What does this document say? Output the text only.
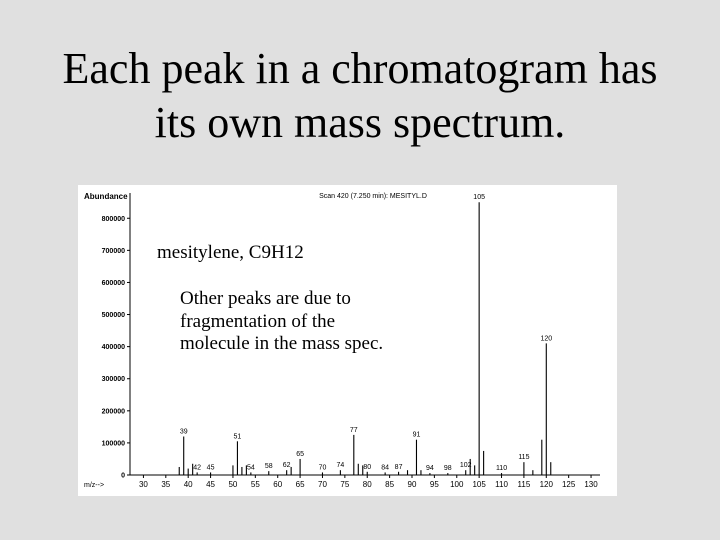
Each peak in a chromatogram has
its own mass spectrum.
Scan 420 (7.250 min): MESITYL.D
Abundance
m/z-->
0
100000
200000
300000
400000
500000
600000
700000
800000
30 35 40 45 50 55 60 65 70 75 80 85 90 95 100 105 110 115 120 125 130
39
42 45
51
54 58 62
65
70 74
77
80 84 87
91
94 98 102
105
110
115
120
mesitylene, C9H12
Other peaks are due to
fragmentation of the
molecule in the mass spec.
